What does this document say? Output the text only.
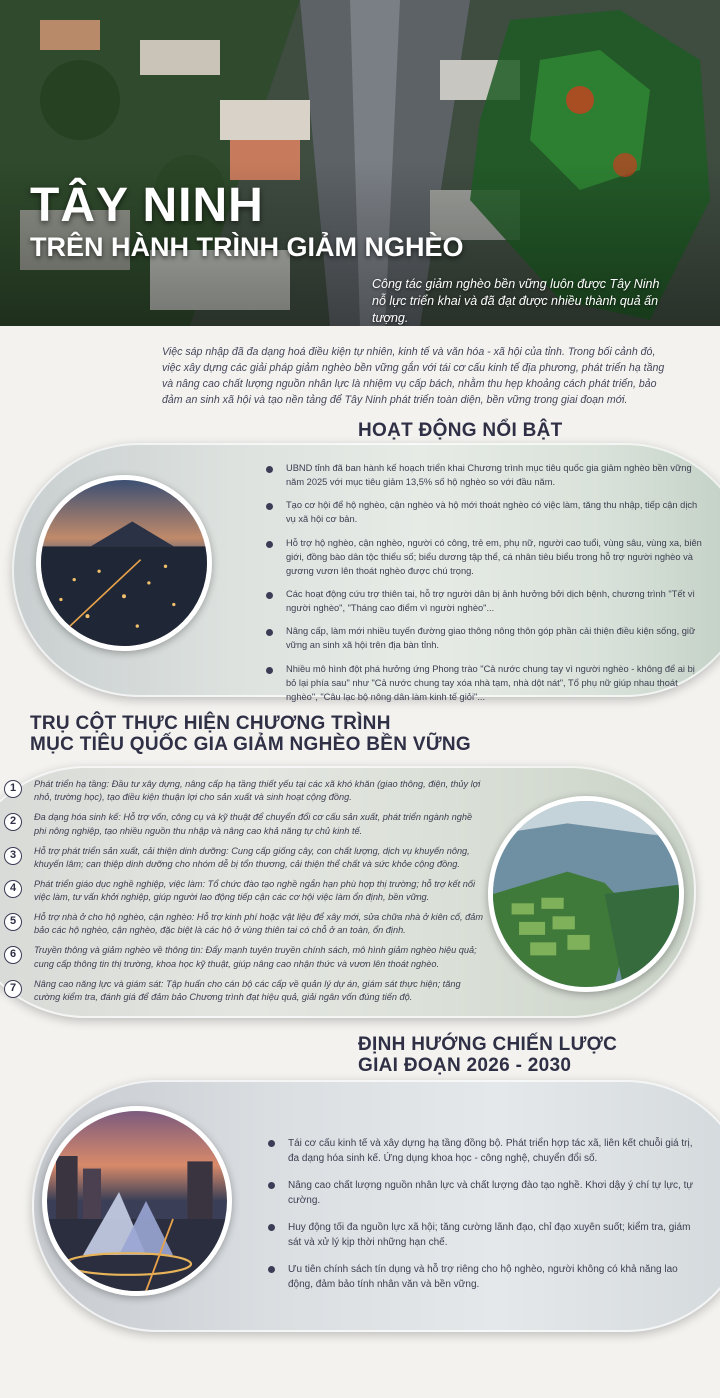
TÂY NINH
TRÊN HÀNH TRÌNH GIẢM NGHÈO
Công tác giảm nghèo bền vững luôn được Tây Ninh nỗ lực triển khai và đã đạt được nhiều thành quả ấn tượng.

Việc sáp nhập đã đa dạng hoá điều kiện tự nhiên, kinh tế và văn hóa - xã hội của tỉnh. Trong bối cảnh đó, việc xây dựng các giải pháp giảm nghèo bền vững gắn với tái cơ cấu kinh tế địa phương, phát triển hạ tầng và nâng cao chất lượng nguồn nhân lực là nhiệm vụ cấp bách, nhằm thu hẹp khoảng cách phát triển, bảo đảm an sinh xã hội và tạo nền tảng để Tây Ninh phát triển toàn diện, bền vững trong giai đoạn mới.

HOẠT ĐỘNG NỔI BẬT
UBND tỉnh đã ban hành kế hoạch triển khai Chương trình mục tiêu quốc gia giảm nghèo bền vững năm 2025 với mục tiêu giảm 13,5% số hộ nghèo so với đầu năm.
Tạo cơ hội để hộ nghèo, cận nghèo và hộ mới thoát nghèo có việc làm, tăng thu nhập, tiếp cận dịch vụ xã hội cơ bản.
Hỗ trợ hộ nghèo, cận nghèo, người có công, trẻ em, phụ nữ, người cao tuổi, vùng sâu, vùng xa, biên giới, đồng bào dân tộc thiểu số; biểu dương tập thể, cá nhân tiêu biểu trong hỗ trợ người nghèo và gương vươn lên thoát nghèo được chú trọng.
Các hoạt động cứu trợ thiên tai, hỗ trợ người dân bị ảnh hưởng bởi dịch bệnh, chương trình "Tết vì người nghèo", "Tháng cao điểm vì người nghèo"...
Nâng cấp, làm mới nhiều tuyến đường giao thông nông thôn góp phần cải thiện điều kiện sống, giữ vững an sinh xã hội trên địa bàn tỉnh.
Nhiều mô hình đột phá hưởng ứng Phong trào "Cả nước chung tay vì người nghèo - không để ai bị bỏ lại phía sau" như "Cả nước chung tay xóa nhà tạm, nhà dột nát", Tổ phụ nữ giúp nhau thoát nghèo", "Câu lạc bộ nông dân làm kinh tế giỏi"...
TRỤ CỘT THỰC HIỆN CHƯƠNG TRÌNH
MỤC TIÊU QUỐC GIA GIẢM NGHÈO BỀN VỮNG
1	Phát triển hạ tầng: Đầu tư xây dựng, nâng cấp hạ tầng thiết yếu tại các xã khó khăn (giao thông, điện, thủy lợi nhỏ, trường học), tạo điều kiện thuận lợi cho sản xuất và sinh hoạt cộng đồng.
2	Đa dạng hóa sinh kế: Hỗ trợ vốn, công cụ và kỹ thuật để chuyển đổi cơ cấu sản xuất, phát triển ngành nghề phi nông nghiệp, tạo nhiều nguồn thu nhập và nâng cao khả năng tự chủ kinh tế.
3	Hỗ trợ phát triển sản xuất, cải thiện dinh dưỡng: Cung cấp giống cây, con chất lượng, dịch vụ khuyến nông, khuyến lâm; can thiệp dinh dưỡng cho nhóm dễ bị tổn thương, cải thiện thể chất và sức khỏe cộng đồng.
4	Phát triển giáo dục nghề nghiệp, việc làm: Tổ chức đào tạo nghề ngắn hạn phù hợp thị trường; hỗ trợ kết nối việc làm, tư vấn khởi nghiệp, giúp người lao động tiếp cận các cơ hội việc làm ổn định, bền vững.
5	Hỗ trợ nhà ở cho hộ nghèo, cận nghèo: Hỗ trợ kinh phí hoặc vật liệu để xây mới, sửa chữa nhà ở kiên cố, đảm bảo các hộ nghèo, cận nghèo, đặc biệt là các hộ ở vùng thiên tai có chỗ ở an toàn, ổn định.
6	Truyền thông và giảm nghèo về thông tin: Đẩy mạnh tuyên truyền chính sách, mô hình giảm nghèo hiệu quả; cung cấp thông tin thị trường, khoa học kỹ thuật, giúp nâng cao nhận thức và vươn lên thoát nghèo.
7	Nâng cao năng lực và giám sát: Tập huấn cho cán bộ các cấp về quản lý dự án, giám sát thực hiện; tăng cường kiểm tra, đánh giá để đảm bảo Chương trình đạt hiệu quả, giải ngân vốn đúng tiến độ.
ĐỊNH HƯỚNG CHIẾN LƯỢC
GIAI ĐOẠN 2026 - 2030
Tái cơ cấu kinh tế và xây dựng hạ tầng đồng bộ. Phát triển hợp tác xã, liên kết chuỗi giá trị, đa dạng hóa sinh kế. Ứng dụng khoa học - công nghệ, chuyển đổi số.
Nâng cao chất lượng nguồn nhân lực và chất lượng đào tạo nghề. Khơi dậy ý chí tự lực, tự cường.
Huy động tối đa nguồn lực xã hội; tăng cường lãnh đạo, chỉ đạo xuyên suốt; kiểm tra, giám sát và xử lý kịp thời những hạn chế.
Ưu tiên chính sách tín dụng và hỗ trợ riêng cho hộ nghèo, người không có khả năng lao động, đảm bảo tính nhân văn và bền vững.
